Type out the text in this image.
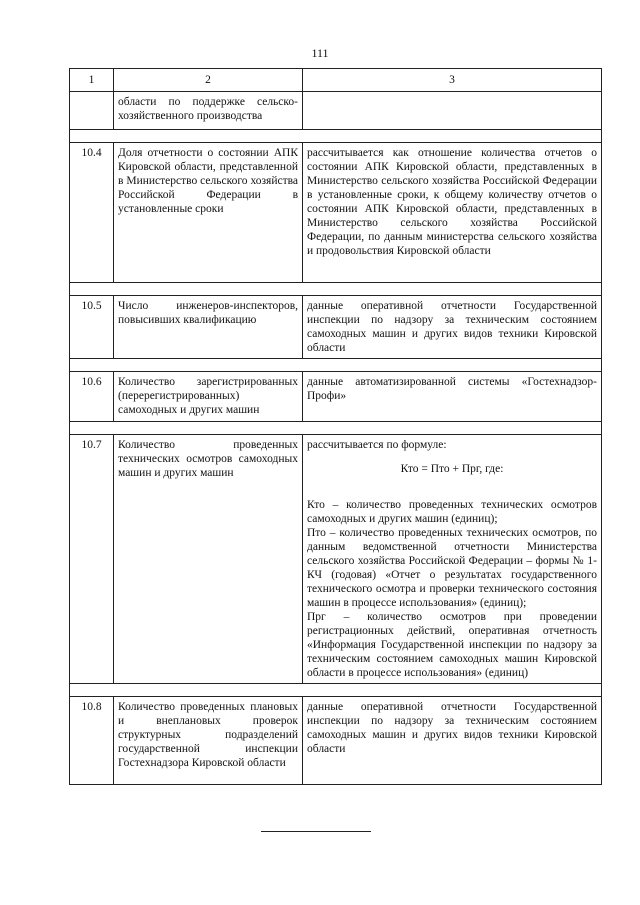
111
1	2	3
	области по поддержке сельско-хозяйственного производства	

10.4	Доля отчетности о состоянии АПК Кировской области, представленной в Министерство сельского хозяйства Российской Федерации в установленные сроки	рассчитывается как отношение количества отчетов о состоянии АПК Кировской области, представленных в Министерство сельского хозяйства Российской Федерации в установленные сроки, к общему количеству отчетов о состоянии АПК Кировской области, представленных в Министерство сельского хозяйства Российской Федерации, по данным министерства сельского хозяйства и продовольствия Кировской области

10.5	Число инженеров-инспекторов, повысивших квалификацию	данные оперативной отчетности Государственной инспекции по надзору за техническим состоянием самоходных машин и других видов техники Кировской области

10.6	Количество зарегистрированных (перерегистрированных) самоходных и других машин	данные автоматизированной системы «Гостехнадзор-Профи»

10.7	Количество проведенных технических осмотров самоходных машин и других машин	рассчитывается по формуле:
Кто = Пто + Прг, где:
Кто – количество проведенных технических осмотров самоходных и других машин (единиц);
Пто – количество проведенных технических осмотров, по данным ведомственной отчетности Министерства сельского хозяйства Российской Федерации – формы № 1-КЧ (годовая) «Отчет о результатах государственного технического осмотра и проверки технического состояния машин в процессе использования» (единиц);
Прг – количество осмотров при проведении регистрационных действий, оперативная отчетность «Информация Государственной инспекции по надзору за техническим состоянием самоходных машин Кировской области в процессе использования» (единиц)

10.8	Количество проведенных плановых и внеплановых проверок структурных подразделений государственной инспекции Гостехнадзора Кировской области	данные оперативной отчетности Государственной инспекции по надзору за техническим состоянием самоходных машин и других видов техники Кировской области
